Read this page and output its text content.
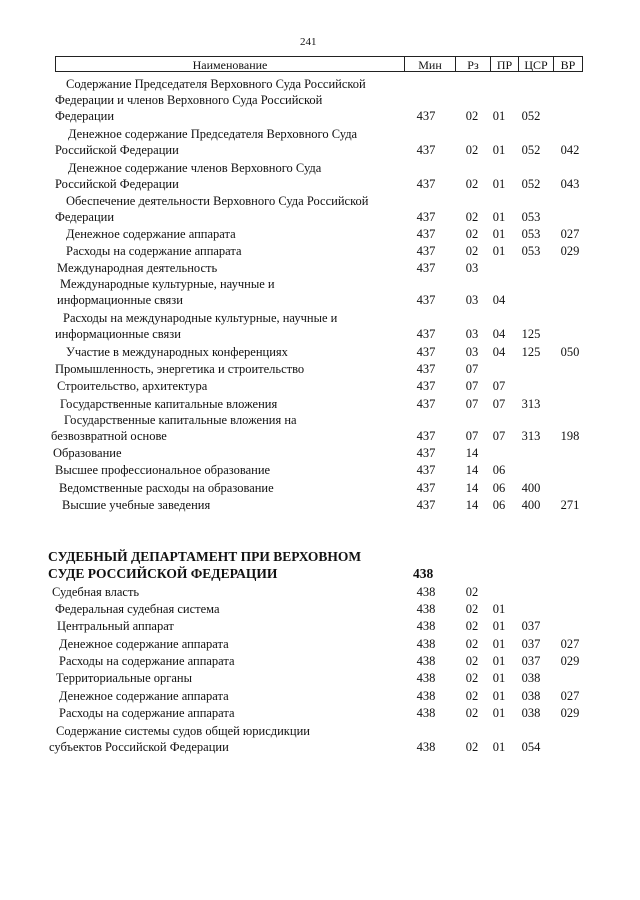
241
Наименование	Мин	Рз	ПР	ЦСР	ВР
Содержание Председателя Верховного Суда Российской
Федерации и членов Верховного Суда Российской
Федерации	437	02	01	052
Денежное содержание Председателя Верховного Суда
Российской Федерации	437	02	01	052	042
Денежное содержание членов Верховного Суда
Российской Федерации	437	02	01	052	043
Обеспечение деятельности Верховного Суда Российской
Федерации	437	02	01	053
Денежное содержание аппарата	437	02	01	053	027
Расходы на содержание аппарата	437	02	01	053	029
Международная деятельность	437	03
Международные культурные, научные и
информационные связи	437	03	04
Расходы на международные культурные, научные и
информационные связи	437	03	04	125
Участие в международных конференциях	437	03	04	125	050
Промышленность, энергетика и строительство	437	07
Строительство, архитектура	437	07	07
Государственные капитальные вложения	437	07	07	313
Государственные капитальные вложения на
безвозвратной основе	437	07	07	313	198
Образование	437	14
Высшее профессиональное образование	437	14	06
Ведомственные расходы на образование	437	14	06	400
Высшие учебные заведения	437	14	06	400	271
СУДЕБНЫЙ ДЕПАРТАМЕНТ ПРИ ВЕРХОВНОМ
СУДЕ РОССИЙСКОЙ ФЕДЕРАЦИИ	438
Судебная власть	438	02
Федеральная судебная система	438	02	01
Центральный аппарат	438	02	01	037
Денежное содержание аппарата	438	02	01	037	027
Расходы на содержание аппарата	438	02	01	037	029
Территориальные органы	438	02	01	038
Денежное содержание аппарата	438	02	01	038	027
Расходы на содержание аппарата	438	02	01	038	029
Содержание системы судов общей юрисдикции
субъектов Российской Федерации	438	02	01	054
